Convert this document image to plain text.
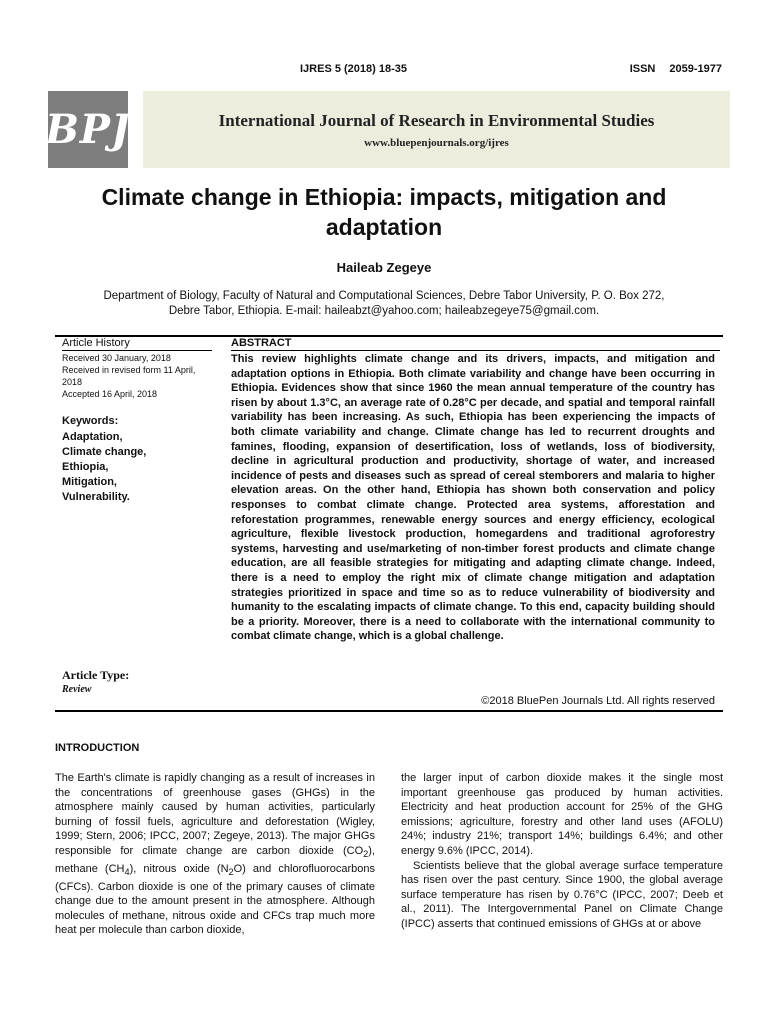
IJRES 5 (2018) 18-35	ISSN 2059-1977
BPJ	International Journal of Research in Environmental Studies
www.bluepenjournals.org/ijres
Climate change in Ethiopia: impacts, mitigation and adaptation
Haileab Zegeye
Department of Biology, Faculty of Natural and Computational Sciences, Debre Tabor University, P. O. Box 272,
Debre Tabor, Ethiopia. E-mail: haileabzt@yahoo.com; haileabzegeye75@gmail.com.
Article History
Received 30 January, 2018
Received in revised form 11 April, 2018
Accepted 16 April, 2018
Keywords:
Adaptation,
Climate change,
Ethiopia,
Mitigation,
Vulnerability.
Article Type:
Review
ABSTRACT
This review highlights climate change and its drivers, impacts, and mitigation and adaptation options in Ethiopia. Both climate variability and change have been occurring in Ethiopia. Evidences show that since 1960 the mean annual temperature of the country has risen by about 1.3°C, an average rate of 0.28°C per decade, and spatial and temporal rainfall variability has been increasing. As such, Ethiopia has been experiencing the impacts of both climate variability and change. Climate change has led to recurrent droughts and famines, flooding, expansion of desertification, loss of wetlands, loss of biodiversity, decline in agricultural production and productivity, shortage of water, and increased incidence of pests and diseases such as spread of cereal stemborers and malaria to higher elevation areas. On the other hand, Ethiopia has shown both conservation and policy responses to combat climate change. Protected area systems, afforestation and reforestation programmes, renewable energy sources and energy efficiency, ecological agriculture, flexible livestock production, homegardens and traditional agroforestry systems, harvesting and use/marketing of non-timber forest products and climate change education, are all feasible strategies for mitigating and adapting climate change. Indeed, there is a need to employ the right mix of climate change mitigation and adaptation strategies prioritized in space and time so as to reduce vulnerability of biodiversity and humanity to the escalating impacts of climate change. To this end, capacity building should be a priority. Moreover, there is a need to collaborate with the international community to combat climate change, which is a global challenge.
©2018 BluePen Journals Ltd. All rights reserved
INTRODUCTION

The Earth's climate is rapidly changing as a result of increases in the concentrations of greenhouse gases (GHGs) in the atmosphere mainly caused by human activities, particularly burning of fossil fuels, agriculture and deforestation (Wigley, 1999; Stern, 2006; IPCC, 2007; Zegeye, 2013). The major GHGs responsible for climate change are carbon dioxide $(CO_2)$, methane $(CH_4)$, nitrous oxide $(N_2O)$ and chlorofluorocarbons (CFCs). Carbon dioxide is one of the primary causes of climate change due to the amount present in the atmosphere. Although molecules of methane, nitrous oxide and CFCs trap much more heat per molecule than carbon dioxide,

the larger input of carbon dioxide makes it the single most important greenhouse gas produced by human activities. Electricity and heat production account for 25% of the GHG emissions; agriculture, forestry and other land uses (AFOLU) 24%; industry 21%; transport 14%; buildings 6.4%; and other energy 9.6% (IPCC, 2014).

Scientists believe that the global average surface temperature has risen over the past century. Since 1900, the global average surface temperature has risen by 0.76°C (IPCC, 2007; Deeb et al., 2011). The Intergovernmental Panel on Climate Change (IPCC) asserts that continued emissions of GHGs at or above
